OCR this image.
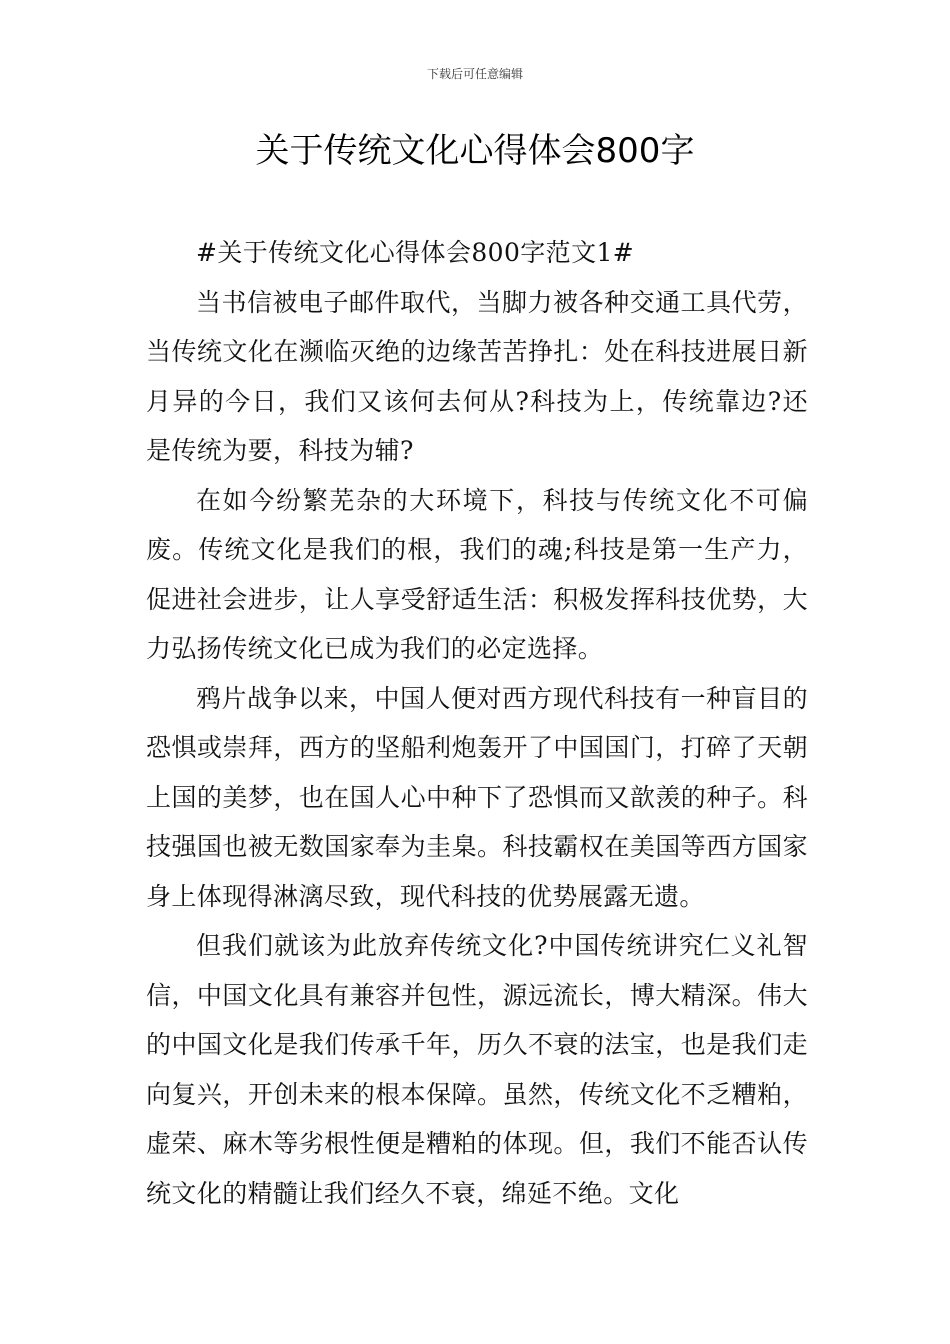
下载后可任意编辑
关于传统文化心得体会800字

#关于传统文化心得体会800字范文1#

当书信被电子邮件取代，当脚力被各种交通工具代劳，当传统文化在濒临灭绝的边缘苦苦挣扎：处在科技进展日新月异的今日，我们又该何去何从?科技为上，传统靠边?还是传统为要，科技为辅?

在如今纷繁芜杂的大环境下，科技与传统文化不可偏废。传统文化是我们的根，我们的魂;科技是第一生产力，促进社会进步，让人享受舒适生活：积极发挥科技优势，大力弘扬传统文化已成为我们的必定选择。

鸦片战争以来，中国人便对西方现代科技有一种盲目的恐惧或崇拜，西方的坚船利炮轰开了中国国门，打碎了天朝上国的美梦，也在国人心中种下了恐惧而又歆羡的种子。科技强国也被无数国家奉为圭臬。科技霸权在美国等西方国家身上体现得淋漓尽致，现代科技的优势展露无遗。

但我们就该为此放弃传统文化?中国传统讲究仁义礼智信，中国文化具有兼容并包性，源远流长，博大精深。伟大的中国文化是我们传承千年，历久不衰的法宝，也是我们走向复兴，开创未来的根本保障。虽然，传统文化不乏糟粕，虚荣、麻木等劣根性便是糟粕的体现。但，我们不能否认传统文化的精髓让我们经久不衰，绵延不绝。文化
